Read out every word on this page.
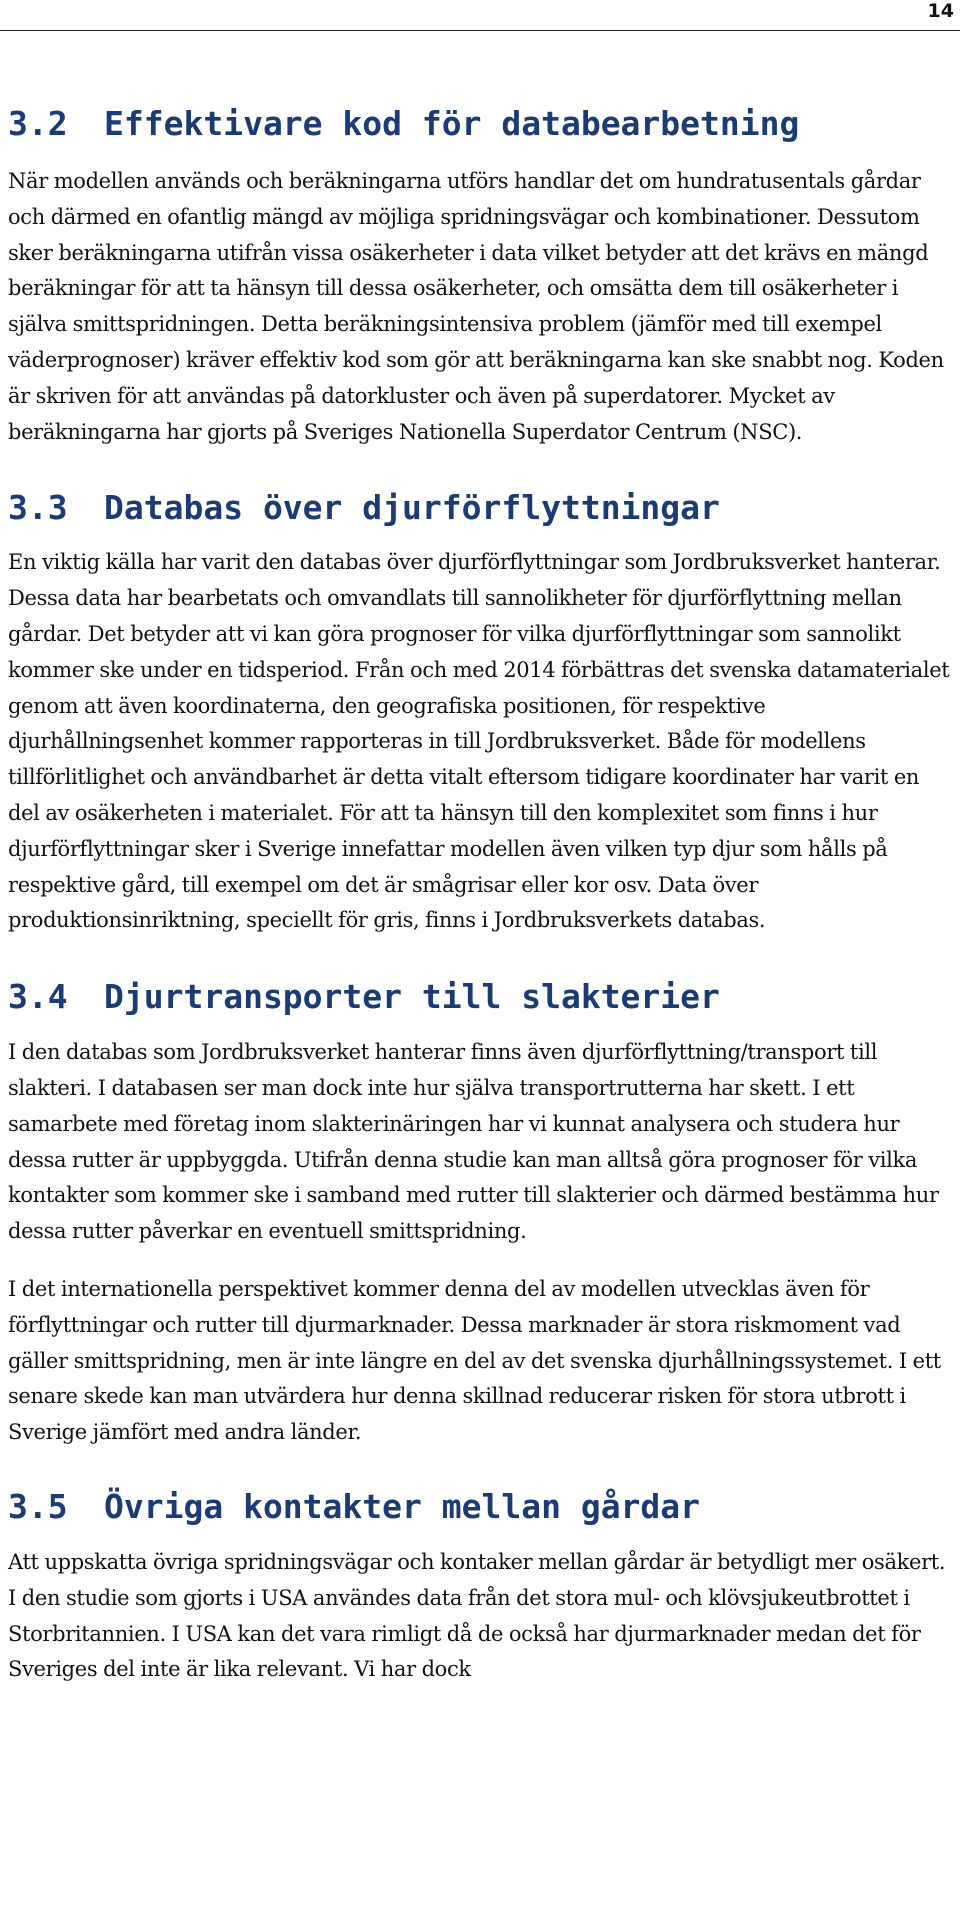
14
3.2 Effektivare kod för databearbetning

När modellen används och beräkningarna utförs handlar det om hundratusentals gårdar och därmed en ofantlig mängd av möjliga spridningsvägar och kombinationer. Dessutom sker beräkningarna utifrån vissa osäkerheter i data vilket betyder att det krävs en mängd beräkningar för att ta hänsyn till dessa osäkerheter, och omsätta dem till osäkerheter i själva smittspridningen. Detta beräkningsintensiva problem (jämför med till exempel väderprognoser) kräver effektiv kod som gör att beräkningarna kan ske snabbt nog. Koden är skriven för att användas på datorkluster och även på superdatorer. Mycket av beräkningarna har gjorts på Sveriges Nationella Superdator Centrum (NSC).

3.3 Databas över djurförflyttningar

En viktig källa har varit den databas över djurförflyttningar som Jordbruksverket hanterar. Dessa data har bearbetats och omvandlats till sannolikheter för djurförflyttning mellan gårdar. Det betyder att vi kan göra prognoser för vilka djurförflyttningar som sannolikt kommer ske under en tidsperiod. Från och med 2014 förbättras det svenska datamaterialet genom att även koordinaterna, den geografiska positionen, för respektive djurhållningsenhet kommer rapporteras in till Jordbruksverket. Både för modellens tillförlitlighet och användbarhet är detta vitalt eftersom tidigare koordinater har varit en del av osäkerheten i materialet. För att ta hänsyn till den komplexitet som finns i hur djurförflyttningar sker i Sverige innefattar modellen även vilken typ djur som hålls på respektive gård, till exempel om det är smågrisar eller kor osv. Data över produktionsinriktning, speciellt för gris, finns i Jordbruksverkets databas.

3.4 Djurtransporter till slakterier

I den databas som Jordbruksverket hanterar finns även djurförflyttning/transport till slakteri. I databasen ser man dock inte hur själva transportrutterna har skett. I ett samarbete med företag inom slakterinäringen har vi kunnat analysera och studera hur dessa rutter är uppbyggda. Utifrån denna studie kan man alltså göra prognoser för vilka kontakter som kommer ske i samband med rutter till slakterier och därmed bestämma hur dessa rutter påverkar en eventuell smittspridning.

I det internationella perspektivet kommer denna del av modellen utvecklas även för förflyttningar och rutter till djurmarknader. Dessa marknader är stora riskmoment vad gäller smittspridning, men är inte längre en del av det svenska djurhållningssystemet. I ett senare skede kan man utvärdera hur denna skillnad reducerar risken för stora utbrott i Sverige jämfört med andra länder.

3.5 Övriga kontakter mellan gårdar

Att uppskatta övriga spridningsvägar och kontaker mellan gårdar är betydligt mer osäkert. I den studie som gjorts i USA användes data från det stora mul- och klövsjukeutbrottet i Storbritannien. I USA kan det vara rimligt då de också har djurmarknader medan det för Sveriges del inte är lika relevant. Vi har dock
